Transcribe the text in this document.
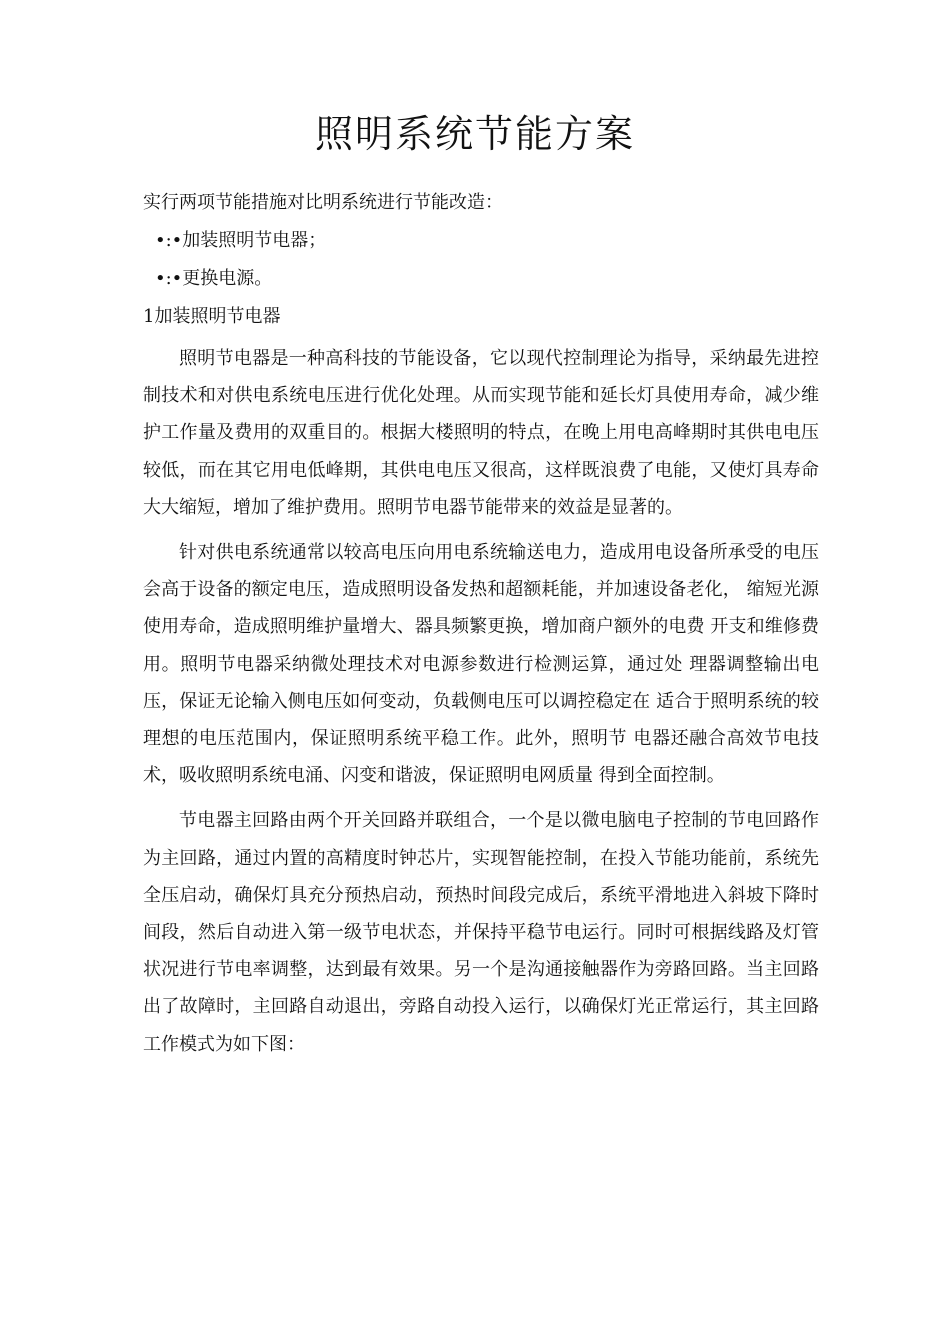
照明系统节能方案
实行两项节能措施对比明系统进行节能改造：
•:•加装照明节电器；
•:•更换电源。
1加装照明节电器

照明节电器是一种高科技的节能设备，它以现代控制理论为指导，采纳最先进控制技术和对供电系统电压进行优化处理。从而实现节能和延长灯具使用寿命，减少维护工作量及费用的双重目的。根据大楼照明的特点，在晚上用电高峰期时其供电电压较低，而在其它用电低峰期，其供电电压又很高，这样既浪费了电能，又使灯具寿命大大缩短，增加了维护费用。照明节电器节能带来的效益是显著的。

针对供电系统通常以较高电压向用电系统输送电力，造成用电设备所承受的电压会高于设备的额定电压，造成照明设备发热和超额耗能，并加速设备老化， 缩短光源使用寿命，造成照明维护量增大、器具频繁更换，增加商户额外的电费 开支和维修费用。照明节电器采纳微处理技术对电源参数进行检测运算，通过处 理器调整输出电压，保证无论输入侧电压如何变动，负载侧电压可以调控稳定在 适合于照明系统的较理想的电压范围内，保证照明系统平稳工作。此外，照明节 电器还融合高效节电技术，吸收照明系统电涌、闪变和谐波，保证照明电网质量 得到全面控制。

节电器主回路由两个开关回路并联组合，一个是以微电脑电子控制的节电回路作为主回路，通过内置的高精度时钟芯片，实现智能控制，在投入节能功能前，系统先全压启动，确保灯具充分预热启动，预热时间段完成后，系统平滑地进入斜坡下降时间段，然后自动进入第一级节电状态，并保持平稳节电运行。同时可根据线路及灯管状况进行节电率调整，达到最有效果。另一个是沟通接触器作为旁路回路。当主回路出了故障时，主回路自动退出，旁路自动投入运行，以确保灯光正常运行，其主回路工作模式为如下图：
